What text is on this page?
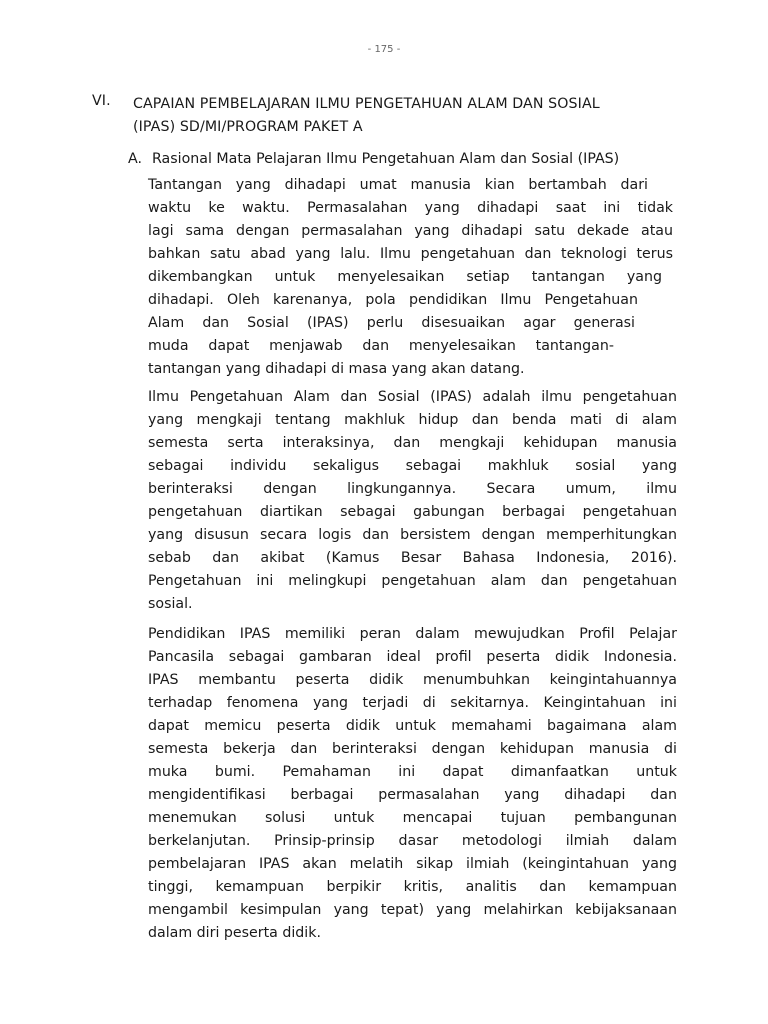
- 175 -
VI. CAPAIAN PEMBELAJARAN ILMU PENGETAHUAN ALAM DAN SOSIAL
(IPAS) SD/MI/PROGRAM PAKET A
A. Rasional Mata Pelajaran Ilmu Pengetahuan Alam dan Sosial (IPAS)
Tantangan yang dihadapi umat manusia kian bertambah dari
waktu ke waktu. Permasalahan yang dihadapi saat ini tidak
lagi sama dengan permasalahan yang dihadapi satu dekade atau
bahkan satu abad yang lalu. Ilmu pengetahuan dan teknologi terus
dikembangkan untuk menyelesaikan setiap tantangan yang
dihadapi. Oleh karenanya, pola pendidikan Ilmu Pengetahuan
Alam dan Sosial (IPAS) perlu disesuaikan agar generasi
muda dapat menjawab dan menyelesaikan tantangan-
tantangan yang dihadapi di masa yang akan datang.
Ilmu Pengetahuan Alam dan Sosial (IPAS) adalah ilmu pengetahuan
yang mengkaji tentang makhluk hidup dan benda mati di alam
semesta serta interaksinya, dan mengkaji kehidupan manusia
sebagai individu sekaligus sebagai makhluk sosial yang
berinteraksi dengan lingkungannya. Secara umum, ilmu
pengetahuan diartikan sebagai gabungan berbagai pengetahuan
yang disusun secara logis dan bersistem dengan memperhitungkan
sebab dan akibat (Kamus Besar Bahasa Indonesia, 2016).
Pengetahuan ini melingkupi pengetahuan alam dan pengetahuan
sosial.
Pendidikan IPAS memiliki peran dalam mewujudkan Profil Pelajar
Pancasila sebagai gambaran ideal profil peserta didik Indonesia.
IPAS membantu peserta didik menumbuhkan keingintahuannya
terhadap fenomena yang terjadi di sekitarnya. Keingintahuan ini
dapat memicu peserta didik untuk memahami bagaimana alam
semesta bekerja dan berinteraksi dengan kehidupan manusia di
muka bumi. Pemahaman ini dapat dimanfaatkan untuk
mengidentifikasi berbagai permasalahan yang dihadapi dan
menemukan solusi untuk mencapai tujuan pembangunan
berkelanjutan. Prinsip-prinsip dasar metodologi ilmiah dalam
pembelajaran IPAS akan melatih sikap ilmiah (keingintahuan yang
tinggi, kemampuan berpikir kritis, analitis dan kemampuan
mengambil kesimpulan yang tepat) yang melahirkan kebijaksanaan
dalam diri peserta didik.
